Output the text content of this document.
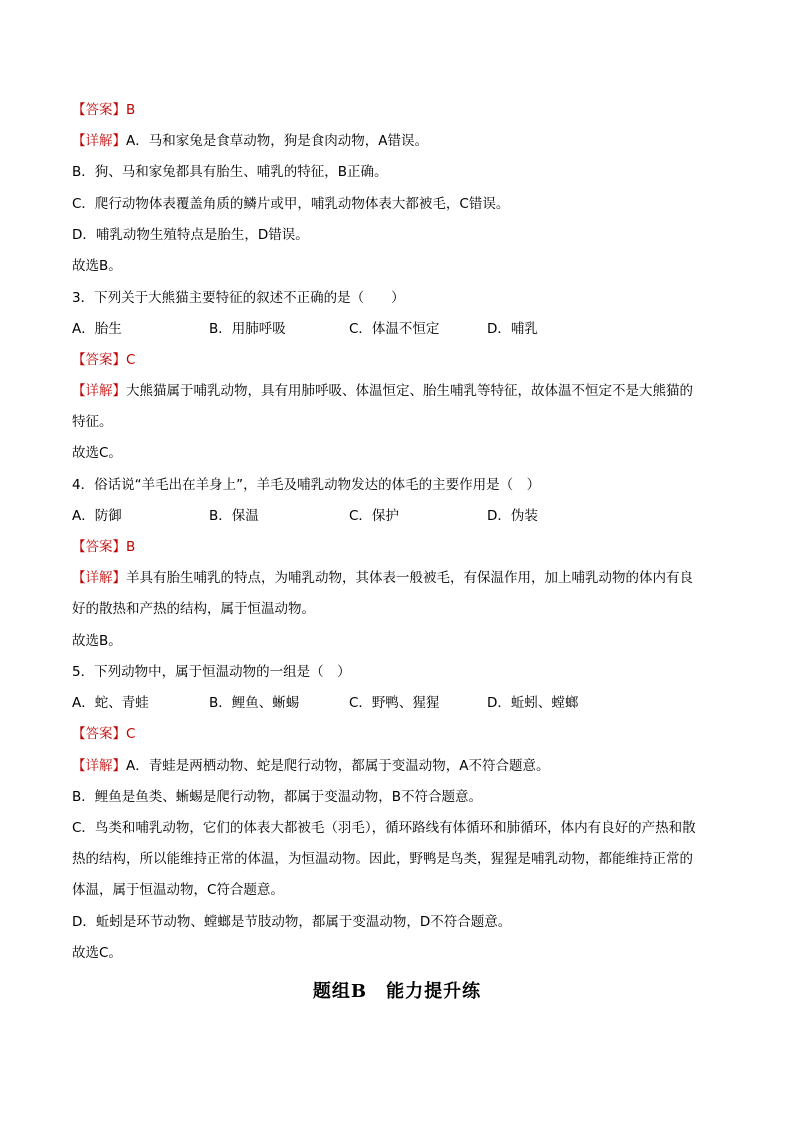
【答案】B
【详解】A．马和家兔是食草动物，狗是食肉动物，A错误。
B．狗、马和家兔都具有胎生、哺乳的特征，B正确。
C．爬行动物体表覆盖角质的鳞片或甲，哺乳动物体表大都被毛，C错误。
D．哺乳动物生殖特点是胎生，D错误。
故选B。
3．下列关于大熊猫主要特征的叙述不正确的是（　　）
A．胎生	B．用肺呼吸	C．体温不恒定	D．哺乳
【答案】C
【详解】大熊猫属于哺乳动物，具有用肺呼吸、体温恒定、胎生哺乳等特征，故体温不恒定不是大熊猫的
特征。
故选C。
4．俗话说“羊毛出在羊身上”，羊毛及哺乳动物发达的体毛的主要作用是（　）
A．防御	B．保温	C．保护	D．伪装
【答案】B
【详解】羊具有胎生哺乳的特点，为哺乳动物，其体表一般被毛，有保温作用，加上哺乳动物的体内有良
好的散热和产热的结构，属于恒温动物。
故选B。
5．下列动物中，属于恒温动物的一组是（　）
A．蛇、青蛙	B．鲤鱼、蜥蜴	C．野鸭、猩猩	D．蚯蚓、螳螂
【答案】C
【详解】A．青蛙是两栖动物、蛇是爬行动物，都属于变温动物，A不符合题意。
B．鲤鱼是鱼类、蜥蜴是爬行动物，都属于变温动物，B不符合题意。
C．鸟类和哺乳动物，它们的体表大都被毛（羽毛），循环路线有体循环和肺循环，体内有良好的产热和散
热的结构，所以能维持正常的体温，为恒温动物。因此，野鸭是鸟类，猩猩是哺乳动物，都能维持正常的
体温，属于恒温动物，C符合题意。
D．蚯蚓是环节动物、螳螂是节肢动物，都属于变温动物，D不符合题意。
故选C。
题组B　能力提升练
